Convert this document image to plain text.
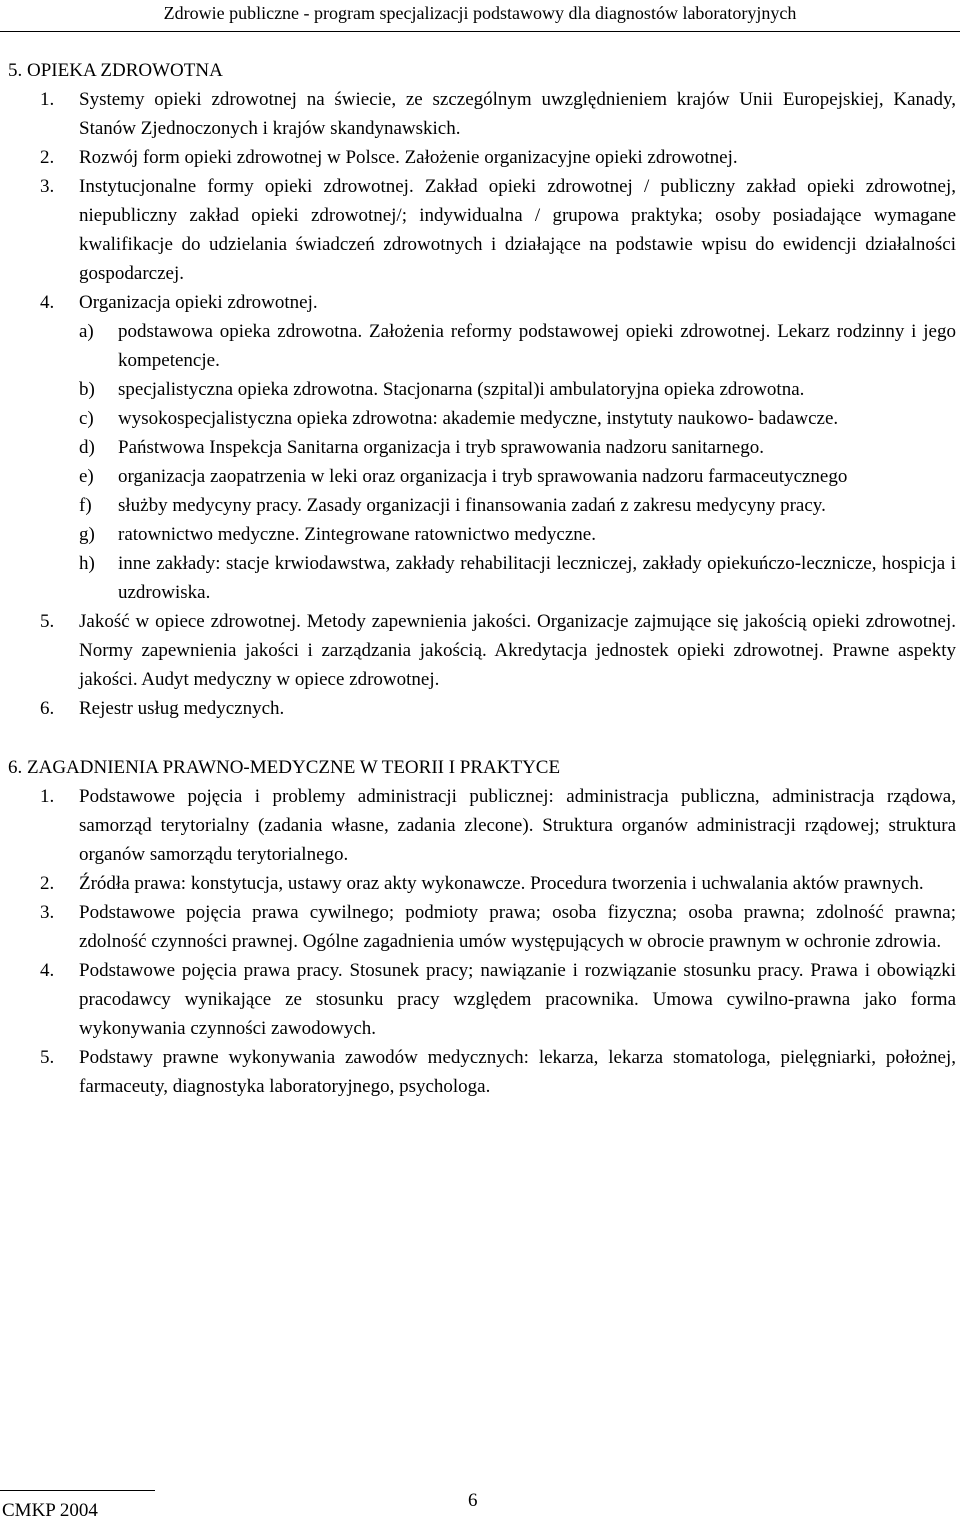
Zdrowie publiczne - program specjalizacji podstawowy dla diagnostów laboratoryjnych
5. OPIEKA ZDROWOTNA
1. Systemy opieki zdrowotnej na świecie, ze szczególnym uwzględnieniem krajów Unii Europejskiej, Kanady, Stanów Zjednoczonych i krajów skandynawskich.
2. Rozwój form opieki zdrowotnej w Polsce. Założenie organizacyjne opieki zdrowotnej.
3. Instytucjonalne formy opieki zdrowotnej. Zakład opieki zdrowotnej / publiczny zakład opieki zdrowotnej, niepubliczny zakład opieki zdrowotnej/; indywidualna / grupowa praktyka; osoby posiadające wymagane kwalifikacje do udzielania świadczeń zdrowotnych i działające na podstawie wpisu do ewidencji działalności gospodarczej.
4. Organizacja opieki zdrowotnej.
a) podstawowa opieka zdrowotna. Założenia reformy podstawowej opieki zdrowotnej. Lekarz rodzinny i jego kompetencje.
b) specjalistyczna opieka zdrowotna. Stacjonarna (szpital)i ambulatoryjna opieka zdrowotna.
c) wysokospecjalistyczna opieka zdrowotna: akademie medyczne, instytuty naukowo- badawcze.
d) Państwowa Inspekcja Sanitarna organizacja i tryb sprawowania nadzoru sanitarnego.
e) organizacja zaopatrzenia w leki oraz organizacja i tryb sprawowania nadzoru farmaceutycznego
f) służby medycyny pracy. Zasady organizacji i finansowania zadań z zakresu medycyny pracy.
g) ratownictwo medyczne. Zintegrowane ratownictwo medyczne.
h) inne zakłady: stacje krwiodawstwa, zakłady rehabilitacji leczniczej, zakłady opiekuńczo-lecznicze, hospicja i uzdrowiska.
5. Jakość w opiece zdrowotnej. Metody zapewnienia jakości. Organizacje zajmujące się jakością opieki zdrowotnej. Normy zapewnienia jakości i zarządzania jakością. Akredytacja jednostek opieki zdrowotnej. Prawne aspekty jakości. Audyt medyczny w opiece zdrowotnej.
6. Rejestr usług medycznych.
6. ZAGADNIENIA PRAWNO-MEDYCZNE W TEORII I PRAKTYCE
1. Podstawowe pojęcia i problemy administracji publicznej: administracja publiczna, administracja rządowa, samorząd terytorialny (zadania własne, zadania zlecone). Struktura organów administracji rządowej; struktura organów samorządu terytorialnego.
2. Źródła prawa: konstytucja, ustawy oraz akty wykonawcze. Procedura tworzenia i uchwalania aktów prawnych.
3. Podstawowe pojęcia prawa cywilnego; podmioty prawa; osoba fizyczna; osoba prawna; zdolność prawna; zdolność czynności prawnej. Ogólne zagadnienia umów występujących w obrocie prawnym w ochronie zdrowia.
4. Podstawowe pojęcia prawa pracy. Stosunek pracy; nawiązanie i rozwiązanie stosunku pracy. Prawa i obowiązki pracodawcy wynikające ze stosunku pracy względem pracownika. Umowa cywilno-prawna jako forma wykonywania czynności zawodowych.
5. Podstawy prawne wykonywania zawodów medycznych: lekarza, lekarza stomatologa, pielęgniarki, położnej, farmaceuty, diagnostyka laboratoryjnego, psychologa.
CMKP 2004	6
